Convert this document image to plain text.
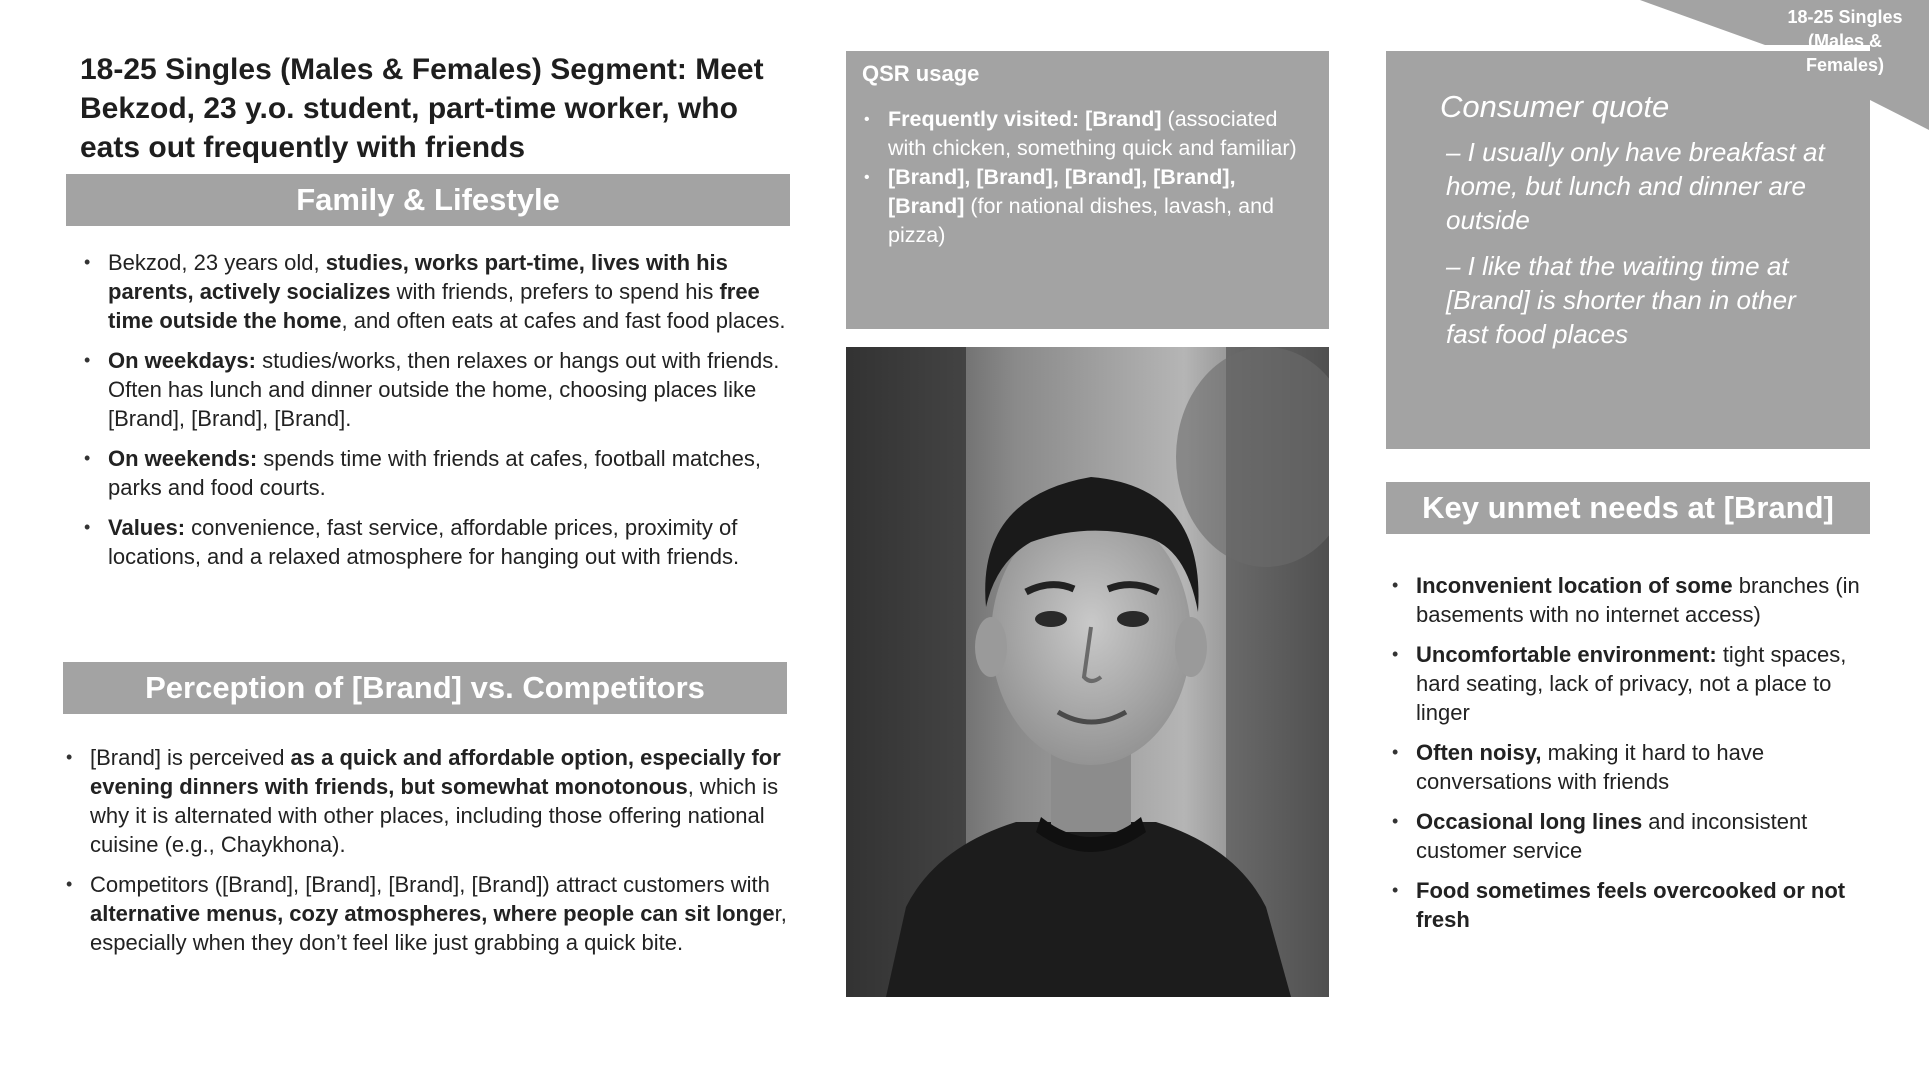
18-25 Singles (Males & Females) Segment: Meet Bekzod, 23 y.o. student, part-time worker, who eats out frequently with friends
Family & Lifestyle
• Bekzod, 23 years old, studies, works part-time, lives with his parents, actively socializes with friends, prefers to spend his free time outside the home, and often eats at cafes and fast food places.
• On weekdays: studies/works, then relaxes or hangs out with friends. Often has lunch and dinner outside the home, choosing places like [Brand], [Brand], [Brand].
• On weekends: spends time with friends at cafes, football matches, parks and food courts.
• Values: convenience, fast service, affordable prices, proximity of locations, and a relaxed atmosphere for hanging out with friends.
Perception of [Brand] vs. Competitors
• [Brand] is perceived as a quick and affordable option, especially for evening dinners with friends, but somewhat monotonous, which is why it is alternated with other places, including those offering national cuisine (e.g., Chaykhona).
• Competitors ([Brand], [Brand], [Brand], [Brand]) attract customers with alternative menus, cozy atmospheres, where people can sit longer, especially when they don’t feel like just grabbing a quick bite.
QSR usage
• Frequently visited: [Brand] (associated with chicken, something quick and familiar)
• [Brand], [Brand], [Brand], [Brand], [Brand] (for national dishes, lavash, and pizza)
Consumer quote

– I usually only have breakfast at home, but lunch and dinner are outside

– I like that the waiting time at [Brand] is shorter than in other fast food places

Key unmet needs at [Brand]
• Inconvenient location of some branches (in basements with no internet access)
• Uncomfortable environment: tight spaces, hard seating, lack of privacy, not a place to linger
• Often noisy, making it hard to have conversations with friends
• Occasional long lines and inconsistent customer service
• Food sometimes feels overcooked or not fresh
18-25 Singles (Males & Females)
